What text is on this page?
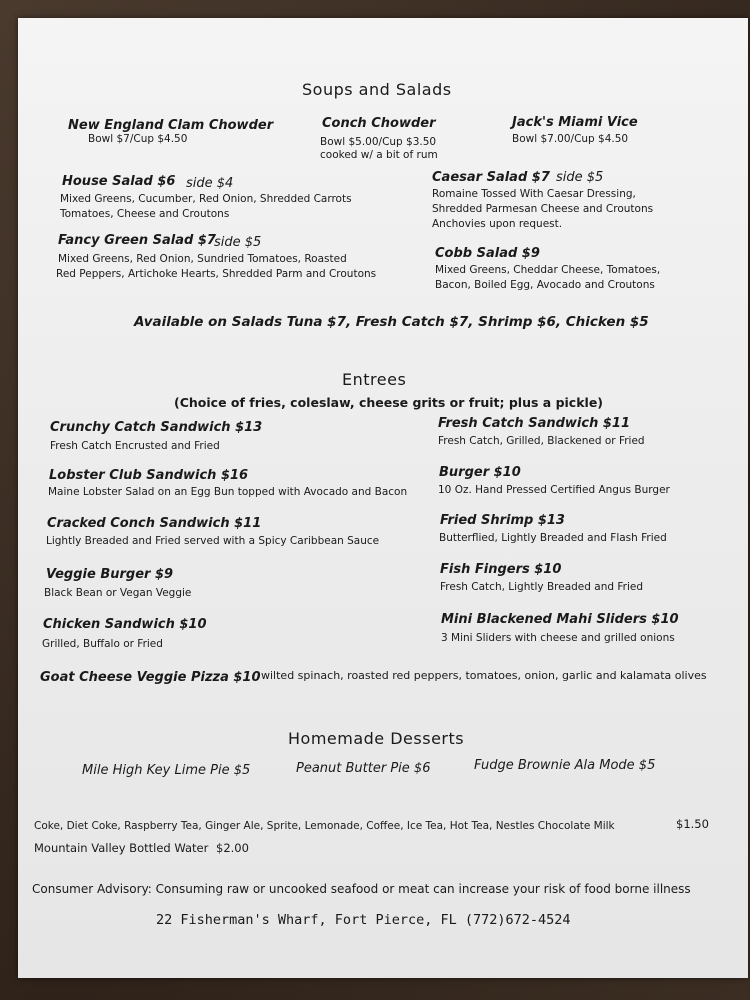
Soups and Salads
New England Clam Chowder
Bowl $7/Cup $4.50
Conch Chowder
Bowl $5.00/Cup $3.50
cooked w/ a bit of rum
Jack's Miami Vice
Bowl $7.00/Cup $4.50
House Salad $6 side $4
Mixed Greens, Cucumber, Red Onion, Shredded Carrots
Tomatoes, Cheese and Croutons
Caesar Salad $7 side $5
Romaine Tossed With Caesar Dressing,
Shredded Parmesan Cheese and Croutons
Anchovies upon request.
Fancy Green Salad $7
side $5
Mixed Greens, Red Onion, Sundried Tomatoes, Roasted
Red Peppers, Artichoke Hearts, Shredded Parm and Croutons
Cobb Salad $9
Mixed Greens, Cheddar Cheese, Tomatoes,
Bacon, Boiled Egg, Avocado and Croutons
Available on Salads Tuna $7, Fresh Catch $7, Shrimp $6, Chicken $5
Entrees
(Choice of fries, coleslaw, cheese grits or fruit; plus a pickle)
Crunchy Catch Sandwich $13
Fresh Catch Encrusted and Fried
Fresh Catch Sandwich $11
Fresh Catch, Grilled, Blackened or Fried
Lobster Club Sandwich $16
Maine Lobster Salad on an Egg Bun topped with Avocado and Bacon
Burger $10
10 Oz. Hand Pressed Certified Angus Burger
Cracked Conch Sandwich $11
Lightly Breaded and Fried served with a Spicy Caribbean Sauce
Fried Shrimp $13
Butterflied, Lightly Breaded and Flash Fried
Veggie Burger $9
Black Bean or Vegan Veggie
Fish Fingers $10
Fresh Catch, Lightly Breaded and Fried
Chicken Sandwich $10
Grilled, Buffalo or Fried
Mini Blackened Mahi Sliders $10
3 Mini Sliders with cheese and grilled onions
Goat Cheese Veggie Pizza $10 wilted spinach, roasted red peppers, tomatoes, onion, garlic and kalamata olives
Homemade Desserts
Mile High Key Lime Pie $5	Peanut Butter Pie $6	Fudge Brownie Ala Mode $5
Coke, Diet Coke, Raspberry Tea, Ginger Ale, Sprite, Lemonade, Coffee, Ice Tea, Hot Tea, Nestles Chocolate Milk	$1.50
Mountain Valley Bottled Water $2.00
Consumer Advisory: Consuming raw or uncooked seafood or meat can increase your risk of food borne illness
22 Fisherman's Wharf, Fort Pierce, FL (772)672-4524
